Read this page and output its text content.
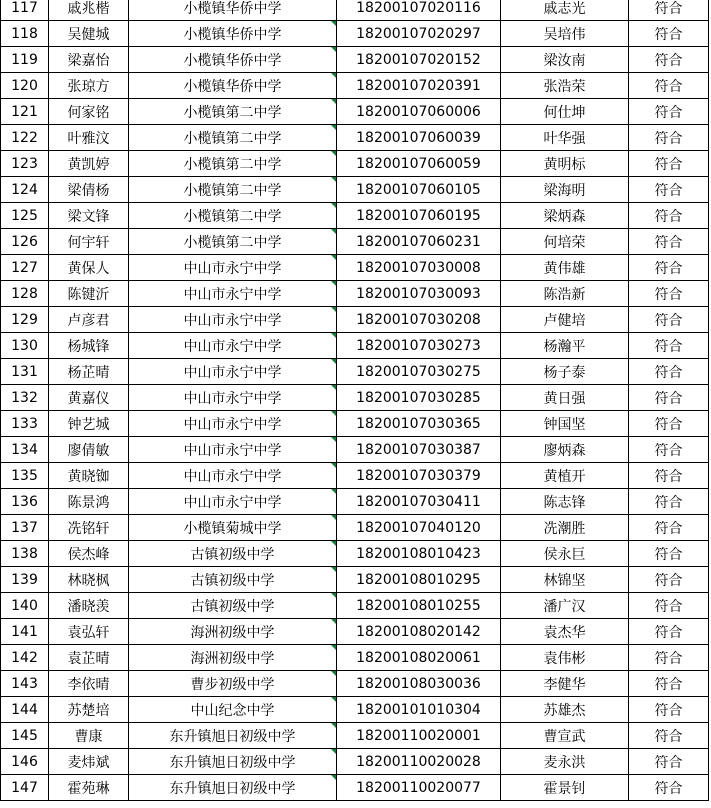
117	戚兆楷	小榄镇华侨中学	18200107020116	戚志光	符合
118	吴健城	小榄镇华侨中学	18200107020297	吴培伟	符合
119	梁嘉怡	小榄镇华侨中学	18200107020152	梁汝南	符合
120	张琼方	小榄镇华侨中学	18200107020391	张浩荣	符合
121	何家铭	小榄镇第二中学	18200107060006	何仕坤	符合
122	叶雅汶	小榄镇第二中学	18200107060039	叶华强	符合
123	黄凯婷	小榄镇第二中学	18200107060059	黄明标	符合
124	梁倩杨	小榄镇第二中学	18200107060105	梁海明	符合
125	梁文锋	小榄镇第二中学	18200107060195	梁炳森	符合
126	何宇轩	小榄镇第二中学	18200107060231	何培荣	符合
127	黄保人	中山市永宁中学	18200107030008	黄伟雄	符合
128	陈键沂	中山市永宁中学	18200107030093	陈浩新	符合
129	卢彦君	中山市永宁中学	18200107030208	卢健培	符合
130	杨城锋	中山市永宁中学	18200107030273	杨瀚平	符合
131	杨芷晴	中山市永宁中学	18200107030275	杨子泰	符合
132	黄嘉仪	中山市永宁中学	18200107030285	黄日强	符合
133	钟艺城	中山市永宁中学	18200107030365	钟国坚	符合
134	廖倩敏	中山市永宁中学	18200107030387	廖炳森	符合
135	黄晓铷	中山市永宁中学	18200107030379	黄植开	符合
136	陈景鸿	中山市永宁中学	18200107030411	陈志锋	符合
137	冼铭轩	小榄镇菊城中学	18200107040120	冼潮胜	符合
138	侯杰峰	古镇初级中学	18200108010423	侯永巨	符合
139	林晓枫	古镇初级中学	18200108010295	林锦坚	符合
140	潘晓羡	古镇初级中学	18200108010255	潘广汉	符合
141	袁弘轩	海洲初级中学	18200108020142	袁杰华	符合
142	袁芷晴	海洲初级中学	18200108020061	袁伟彬	符合
143	李依晴	曹步初级中学	18200108030036	李健华	符合
144	苏楚培	中山纪念中学	18200101010304	苏雄杰	符合
145	曹康	东升镇旭日初级中学	18200110020001	曹宣武	符合
146	麦炜斌	东升镇旭日初级中学	18200110020028	麦永洪	符合
147	霍苑琳	东升镇旭日初级中学	18200110020077	霍景钊	符合
